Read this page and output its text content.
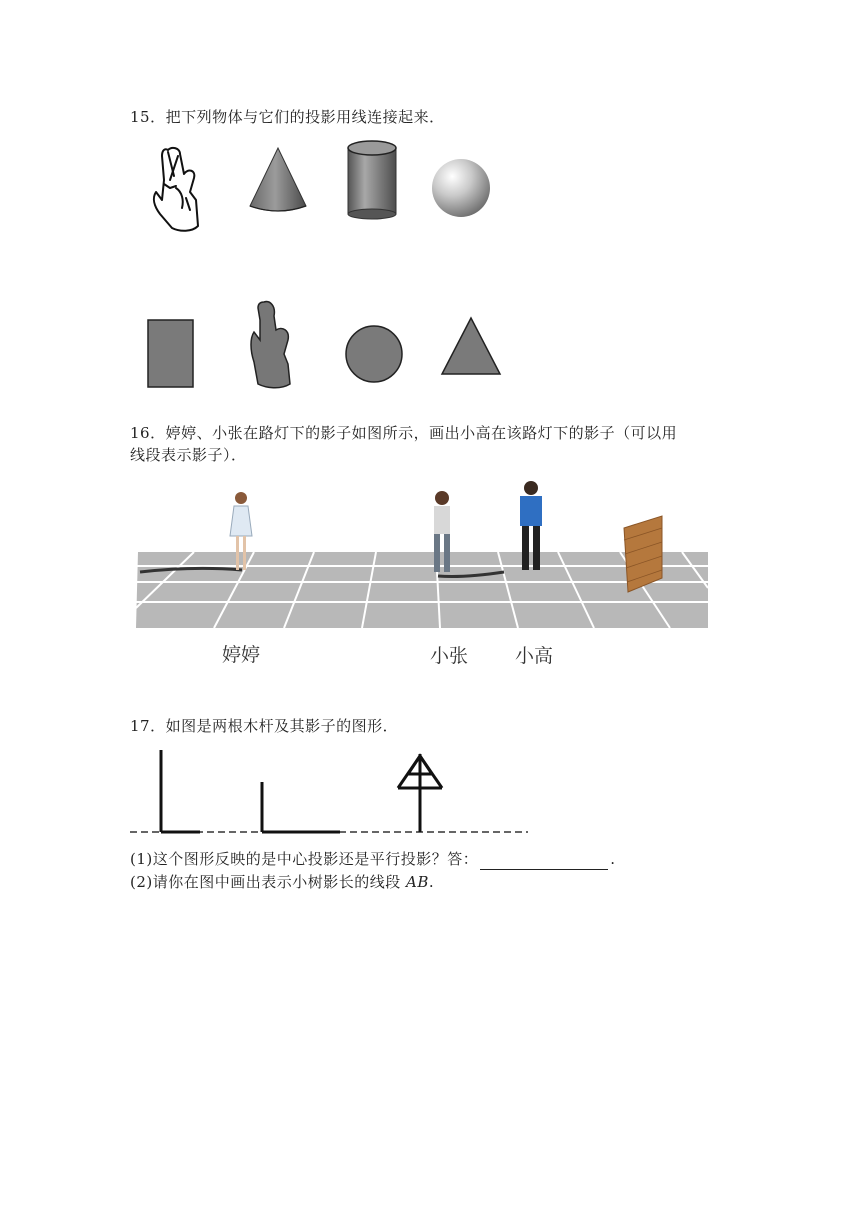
15．把下列物体与它们的投影用线连接起来．
16．婷婷、小张在路灯下的影子如图所示，画出小高在该路灯下的影子（可以用
线段表示影子）．
婷婷	小张 小高
17．如图是两根木杆及其影子的图形．
(1)这个图形反映的是中心投影还是平行投影？答：	.
(2)请你在图中画出表示小树影长的线段 AB.
